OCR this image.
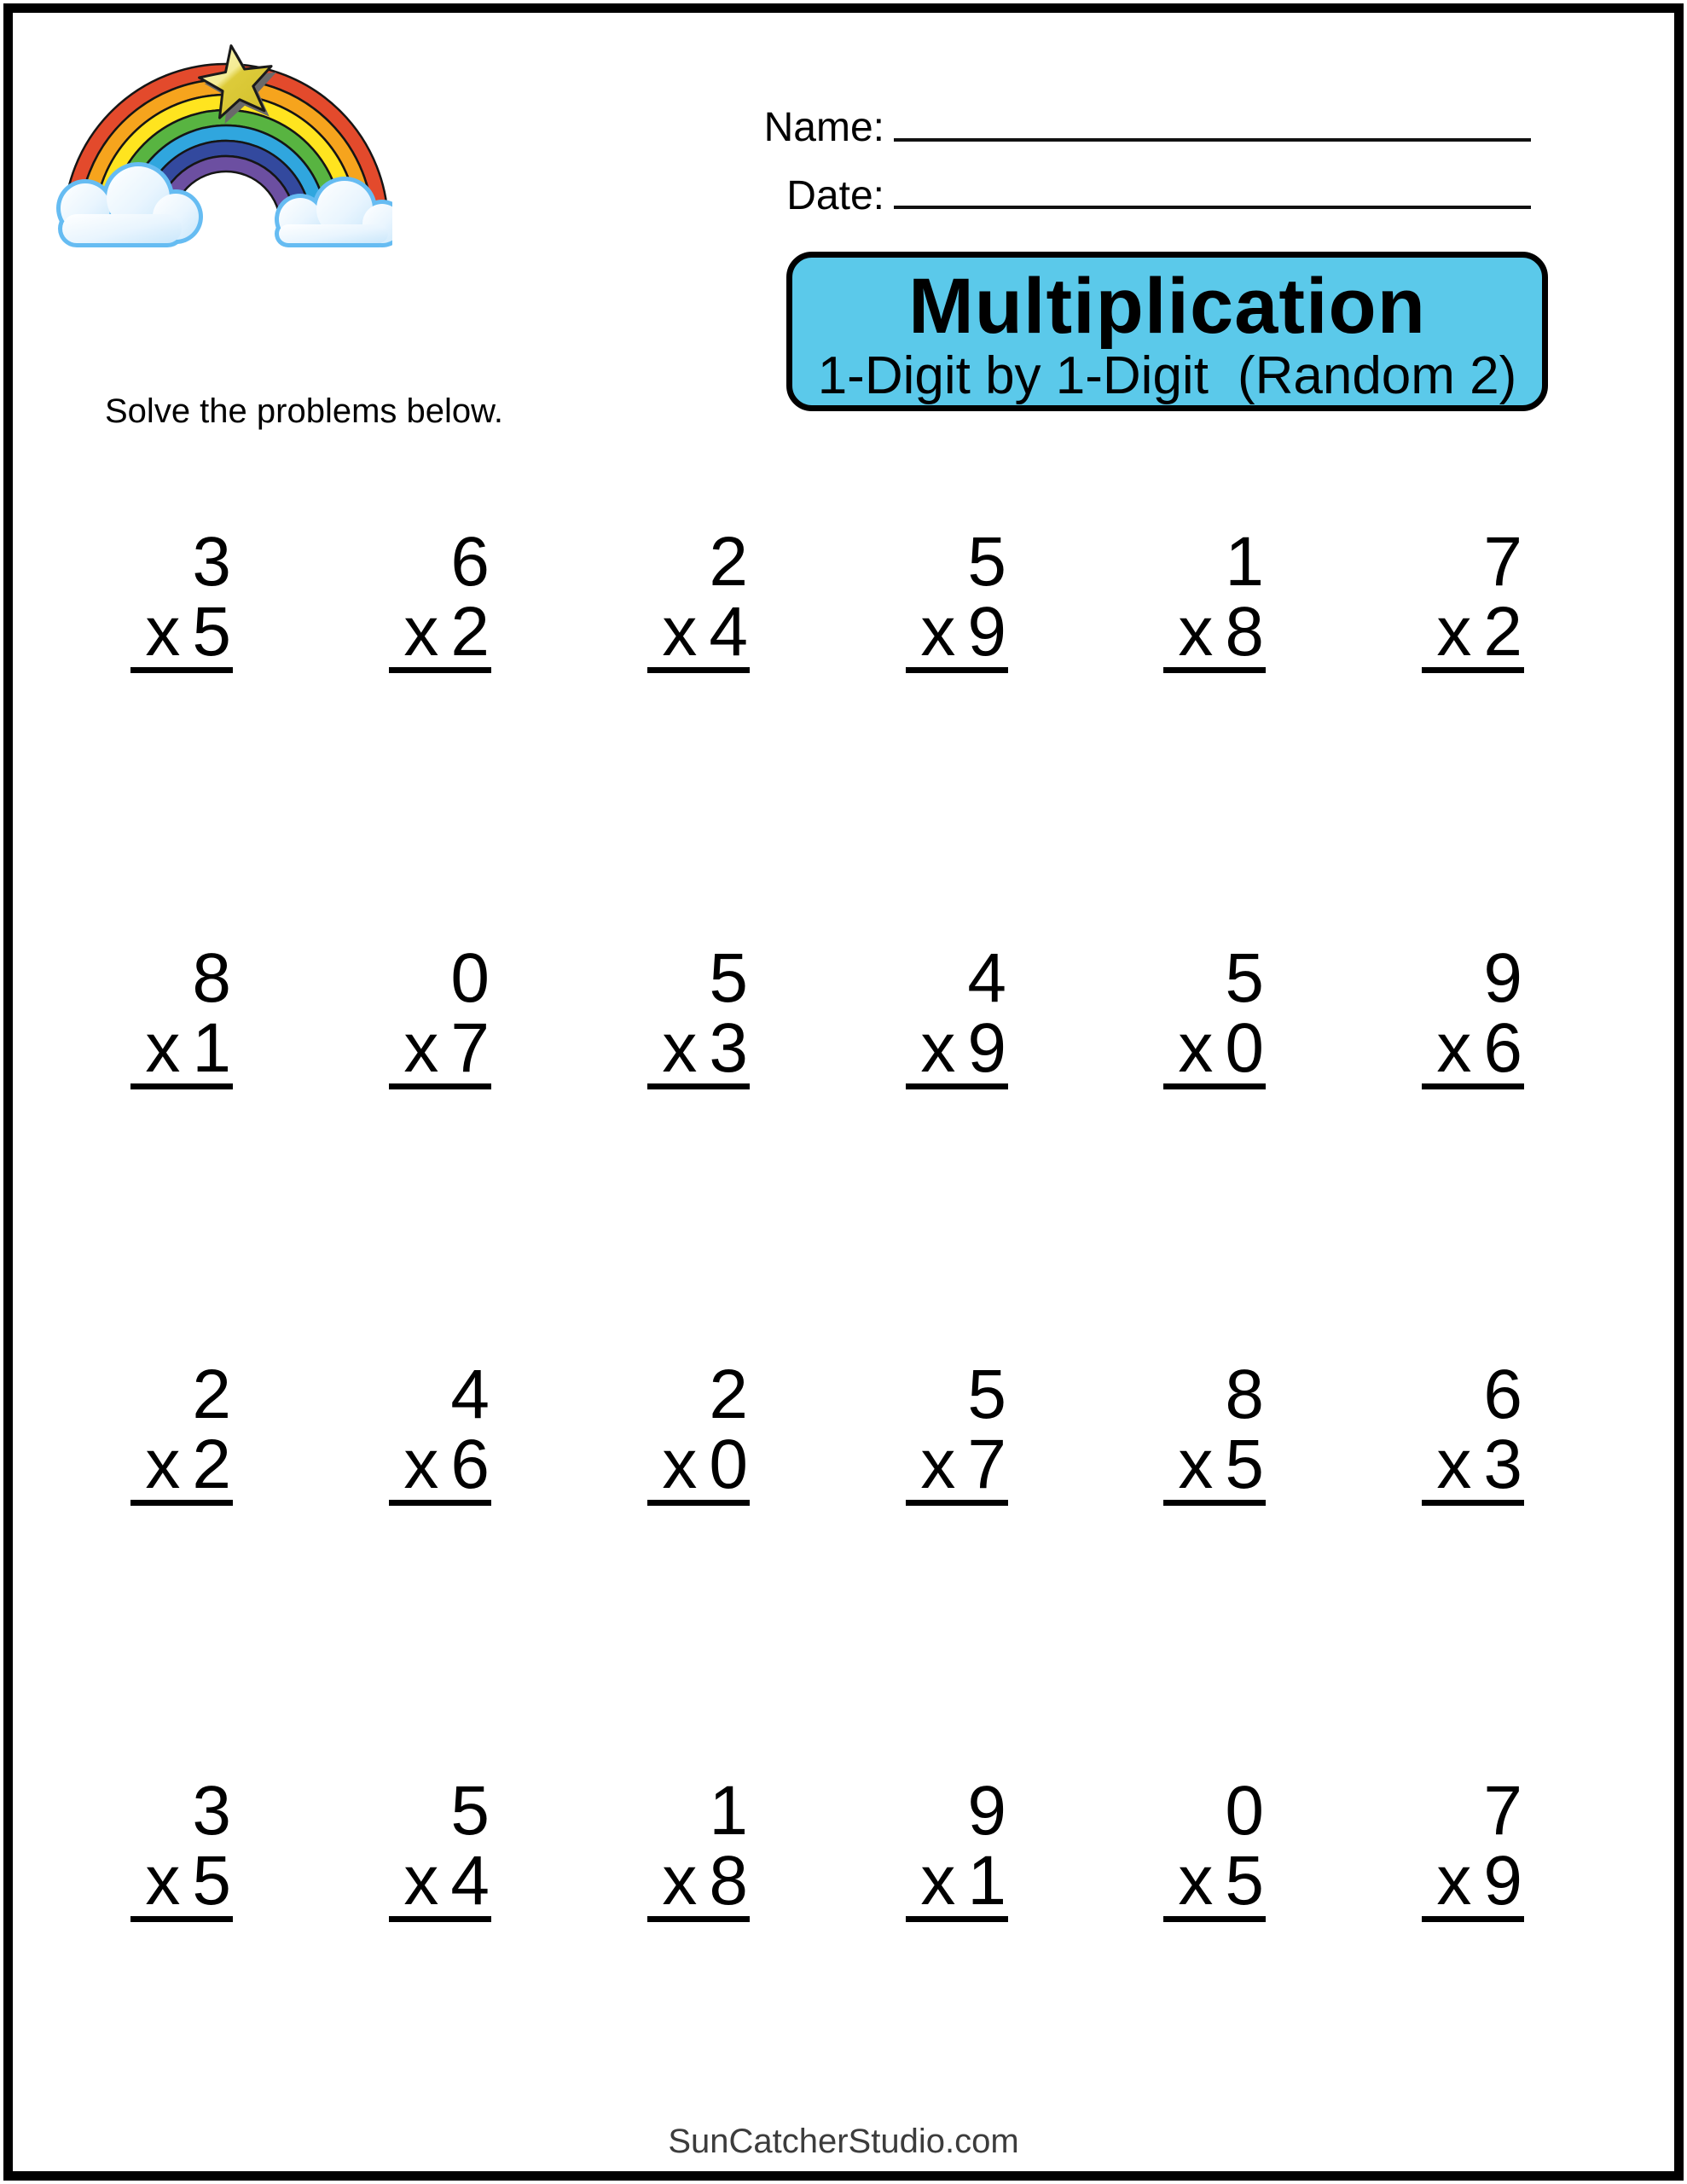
Solve the problems below.
Name:
Date:
Multiplication
1-Digit by 1-Digit (Random 2)
3
x 5
6
x 2
2
x 4
5
x 9
1
x 8
7
x 2
8
x 1
0
x 7
5
x 3
4
x 9
5
x 0
9
x 6
2
x 2
4
x 6
2
x 0
5
x 7
8
x 5
6
x 3
3
x 5
5
x 4
1
x 8
9
x 1
0
x 5
7
x 9
SunCatcherStudio.com
